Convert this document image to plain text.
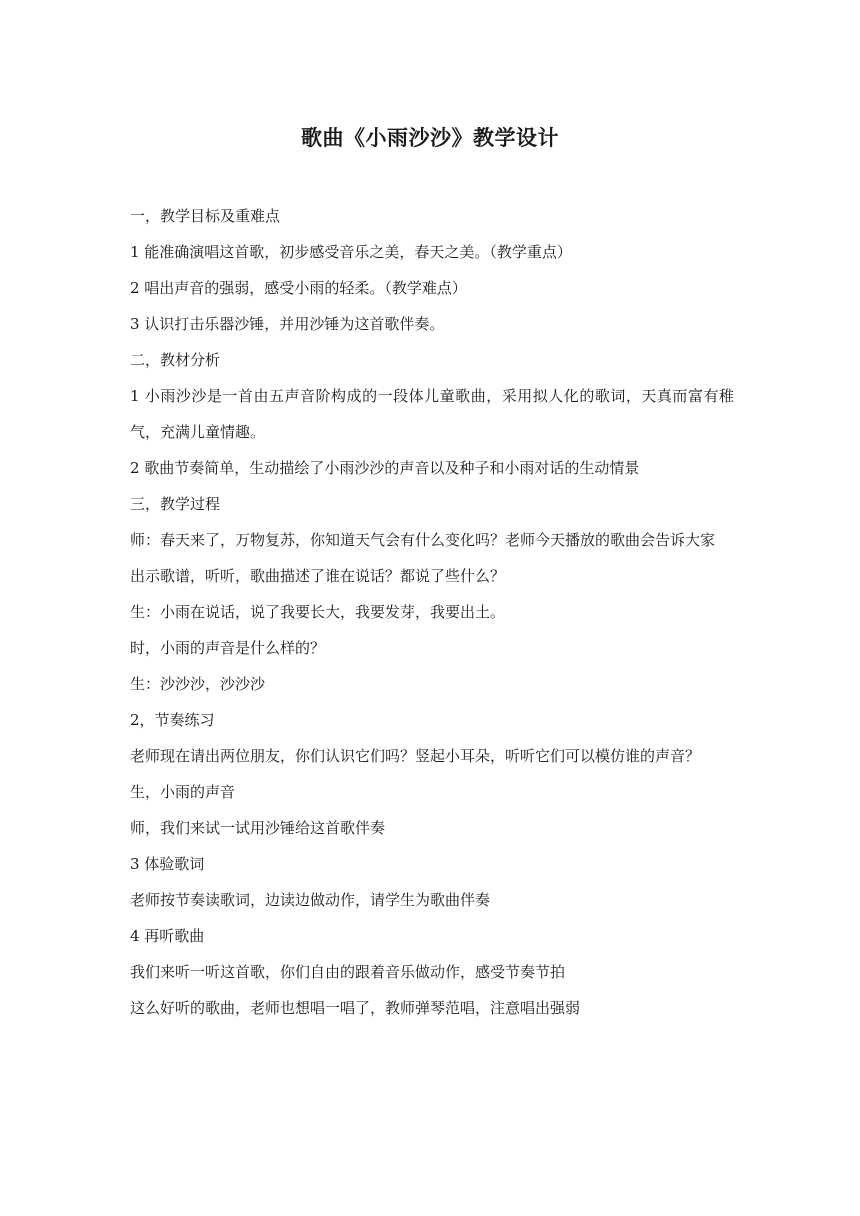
歌曲《小雨沙沙》教学设计

一，教学目标及重难点

1 能准确演唱这首歌，初步感受音乐之美，春天之美。（教学重点）

2 唱出声音的强弱，感受小雨的轻柔。（教学难点）

3 认识打击乐器沙锤，并用沙锤为这首歌伴奏。

二，教材分析

1 小雨沙沙是一首由五声音阶构成的一段体儿童歌曲，采用拟人化的歌词，天真而富有稚气，充满儿童情趣。

2 歌曲节奏简单，生动描绘了小雨沙沙的声音以及种子和小雨对话的生动情景

三，教学过程

师：春天来了，万物复苏，你知道天气会有什么变化吗？老师今天播放的歌曲会告诉大家

出示歌谱，听听，歌曲描述了谁在说话？都说了些什么？

生：小雨在说话，说了我要长大，我要发芽，我要出土。

时，小雨的声音是什么样的？

生：沙沙沙，沙沙沙

2，节奏练习

老师现在请出两位朋友，你们认识它们吗？竖起小耳朵，听听它们可以模仿谁的声音？

生，小雨的声音

师，我们来试一试用沙锤给这首歌伴奏

3 体验歌词

老师按节奏读歌词，边读边做动作，请学生为歌曲伴奏

4 再听歌曲

我们来听一听这首歌，你们自由的跟着音乐做动作，感受节奏节拍

这么好听的歌曲，老师也想唱一唱了，教师弹琴范唱，注意唱出强弱
